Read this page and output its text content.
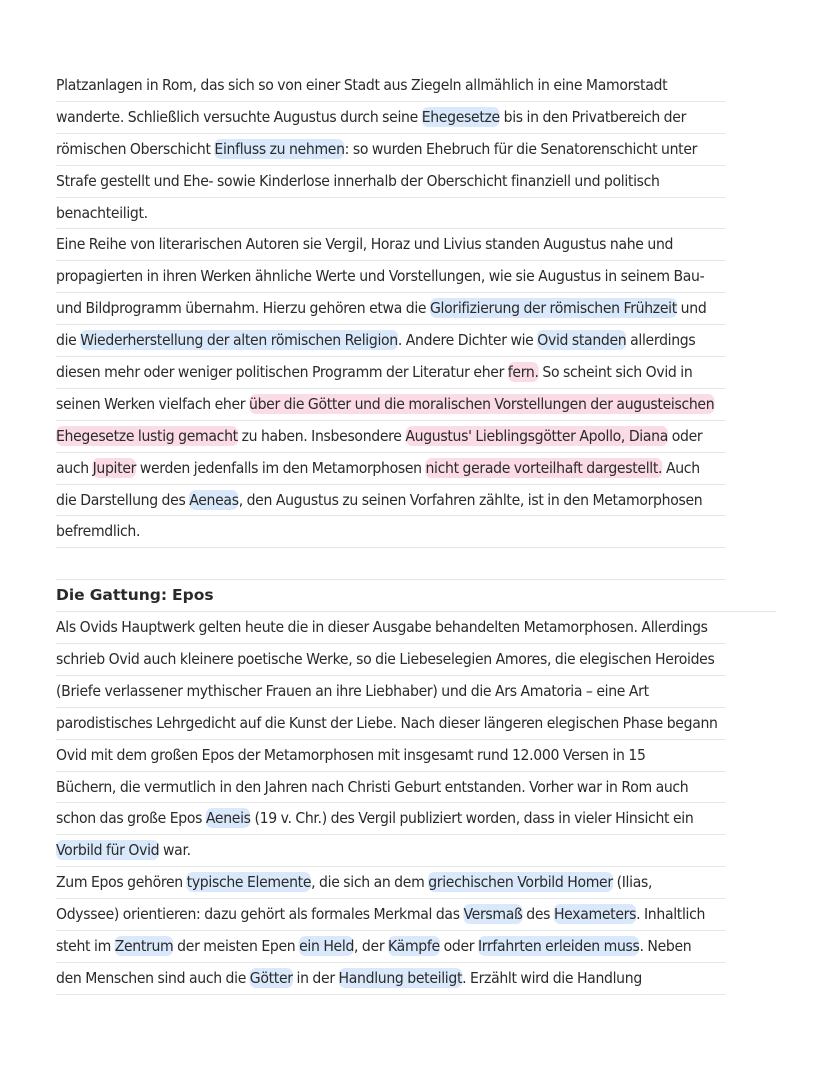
Platzanlagen in Rom, das sich so von einer Stadt aus Ziegeln allmählich in eine Mamorstadt
wanderte. Schließlich versuchte Augustus durch seine Ehegesetze bis in den Privatbereich der
römischen Oberschicht Einfluss zu nehmen: so wurden Ehebruch für die Senatorenschicht unter
Strafe gestellt und Ehe- sowie Kinderlose innerhalb der Oberschicht finanziell und politisch
benachteiligt.
Eine Reihe von literarischen Autoren sie Vergil, Horaz und Livius standen Augustus nahe und
propagierten in ihren Werken ähnliche Werte und Vorstellungen, wie sie Augustus in seinem Bau-
und Bildprogramm übernahm. Hierzu gehören etwa die Glorifizierung der römischen Frühzeit und
die Wiederherstellung der alten römischen Religion. Andere Dichter wie Ovid standen allerdings
diesen mehr oder weniger politischen Programm der Literatur eher fern. So scheint sich Ovid in
seinen Werken vielfach eher über die Götter und die moralischen Vorstellungen der augusteischen
Ehegesetze lustig gemacht zu haben. Insbesondere Augustus' Lieblingsgötter Apollo, Diana oder
auch Jupiter werden jedenfalls im den Metamorphosen nicht gerade vorteilhaft dargestellt. Auch
die Darstellung des Aeneas, den Augustus zu seinen Vorfahren zählte, ist in den Metamorphosen
befremdlich.
Die Gattung: Epos
Als Ovids Hauptwerk gelten heute die in dieser Ausgabe behandelten Metamorphosen. Allerdings
schrieb Ovid auch kleinere poetische Werke, so die Liebeselegien Amores, die elegischen Heroides
(Briefe verlassener mythischer Frauen an ihre Liebhaber) und die Ars Amatoria – eine Art
parodistisches Lehrgedicht auf die Kunst der Liebe. Nach dieser längeren elegischen Phase begann
Ovid mit dem großen Epos der Metamorphosen mit insgesamt rund 12.000 Versen in 15
Büchern, die vermutlich in den Jahren nach Christi Geburt entstanden. Vorher war in Rom auch
schon das große Epos Aeneis (19 v. Chr.) des Vergil publiziert worden, dass in vieler Hinsicht ein
Vorbild für Ovid war.
Zum Epos gehören typische Elemente, die sich an dem griechischen Vorbild Homer (Ilias,
Odyssee) orientieren: dazu gehört als formales Merkmal das Versmaß des Hexameters. Inhaltlich
steht im Zentrum der meisten Epen ein Held, der Kämpfe oder Irrfahrten erleiden muss. Neben
den Menschen sind auch die Götter in der Handlung beteiligt. Erzählt wird die Handlung
